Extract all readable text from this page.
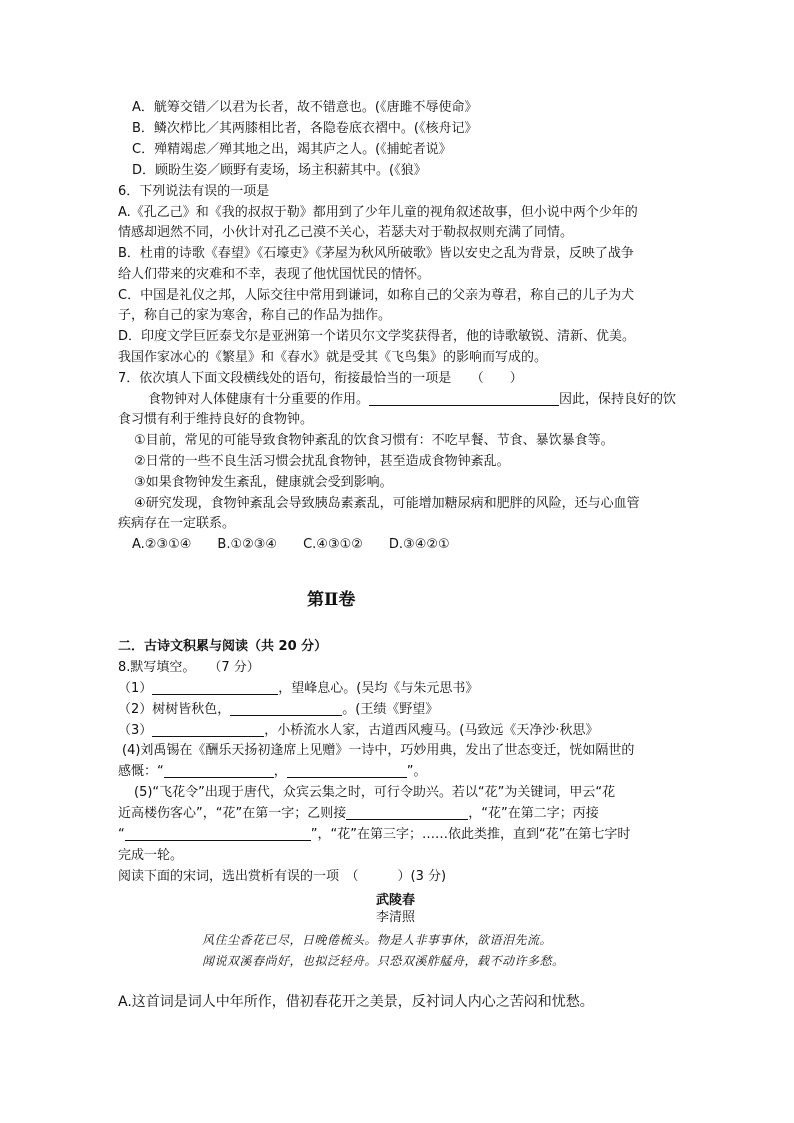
A．觥筹交错／以君为长者，故不错意也。(《唐雎不辱使命》
B．鳞次栉比／其两膝相比者，各隐卷底衣褶中。(《核舟记》
C．殚精竭虑／殚其地之出，竭其庐之人。(《捕蛇者说》
D．顾盼生姿／顾野有麦场，场主积薪其中。(《狼》
6．下列说法有误的一项是
A.《孔乙己》和《我的叔叔于勒》都用到了少年儿童的视角叙述故事，但小说中两个少年的
情感却迥然不同，小伙计对孔乙己漠不关心，若瑟夫对于勒叔叔则充满了同情。
B．杜甫的诗歌《春望》《石壕吏》《茅屋为秋风所破歌》皆以安史之乱为背景，反映了战争
给人们带来的灾难和不幸，表现了他忧国忧民的情怀。
C．中国是礼仪之邦，人际交往中常用到谦词，如称自己的父亲为尊君，称自己的儿子为犬
子，称自己的家为寒舍，称自己的作品为拙作。
D．印度文学巨匠泰戈尔是亚洲第一个诺贝尔文学奖获得者，他的诗歌敏锐、清新、优美。
我国作家冰心的《繁星》和《春水》就是受其《飞鸟集》的影响而写成的。
7．依次填人下面文段横线处的语句，衔接最恰当的一项是　　（　　）
食物钟对人体健康有十分重要的作用。	因此，保持良好的饮
食习惯有利于维持良好的食物钟。
①目前，常见的可能导致食物钟紊乱的饮食习惯有：不吃早餐、节食、暴饮暴食等。
②日常的一些不良生活习惯会扰乱食物钟，甚至造成食物钟紊乱。
③如果食物钟发生紊乱，健康就会受到影响。
④研究发现，食物钟紊乱会导致胰岛素紊乱，可能增加糖尿病和肥胖的风险，还与心血管
疾病存在一定联系。
A.②③①④　　B.①②③④　　C.④③①②　　D.③④②①
第Ⅱ卷
二．古诗文积累与阅读（共 20 分）
8.默写填空。　　（7 分）
（1）	，望峰息心。(吴均《与朱元思书》
（2）树树皆秋色，	。(王绩《野望》
（3）	，小桥流水人家，古道西风瘦马。(马致远《天净沙·秋思》
(4)刘禹锡在《酬乐天扬初逢席上见赠》一诗中，巧妙用典，发出了世态变迁，恍如隔世的
感慨：“	，	”。
(5)“飞花令”出现于唐代，众宾云集之时，可行令助兴。若以“花”为关键词，甲云“花
近高楼伤客心”，“花”在第一字；乙则接	，“花”在第二字；丙接
“	”，“花”在第三字；……依此类推，直到“花”在第七字时
完成一轮。
阅读下面的宋词，选出赏析有误的一项　（　　　）(3 分)
武陵春
李清照
风住尘香花已尽，日晚倦梳头。物是人非事事休，欲语泪先流。
闻说双溪春尚好，也拟泛轻舟。只恐双溪舴艋舟，载不动许多愁。
A.这首词是词人中年所作，借初春花开之美景，反衬词人内心之苦闷和忧愁。
